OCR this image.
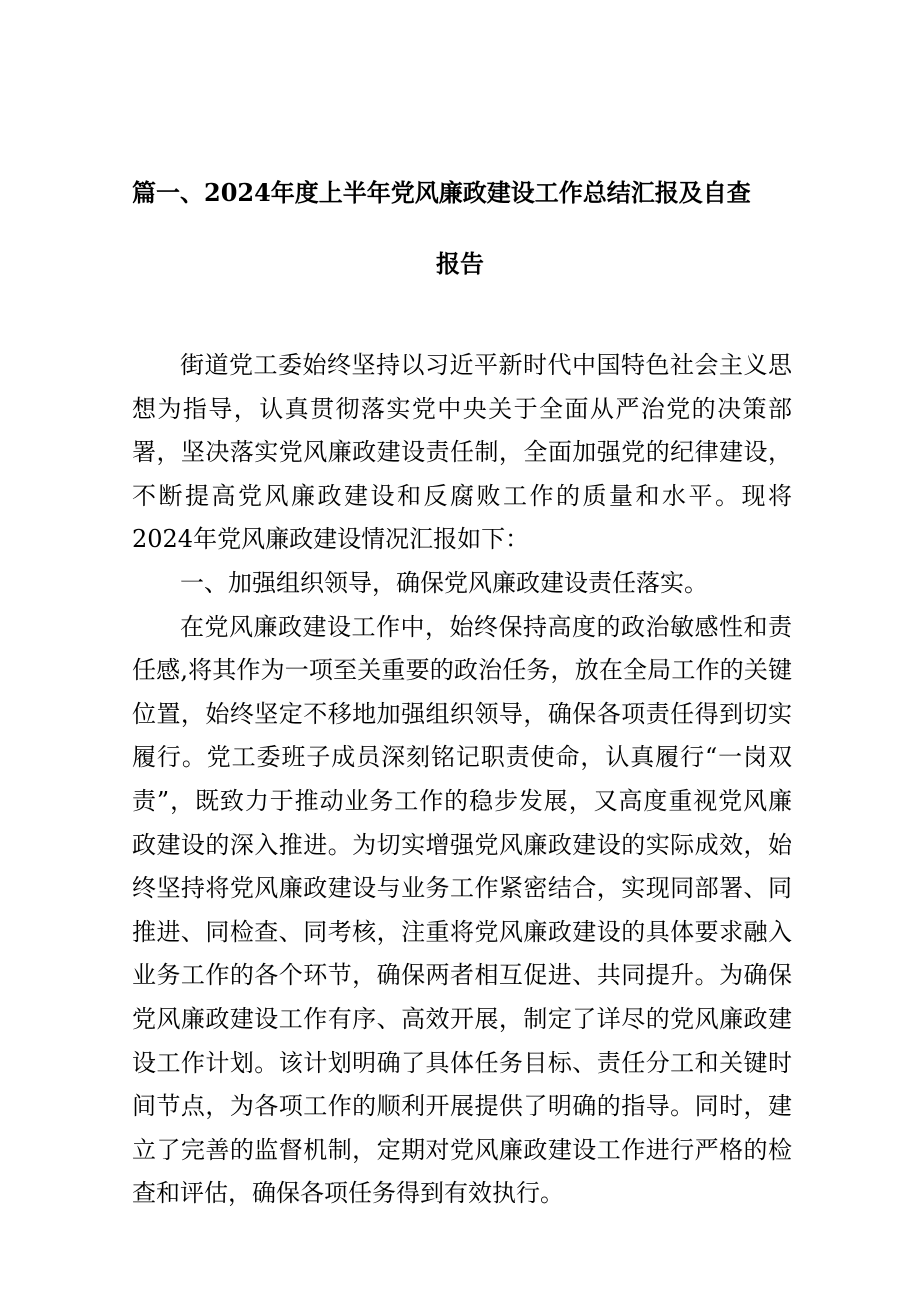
篇一、2024年度上半年党风廉政建设工作总结汇报及自查
报告

街道党工委始终坚持以习近平新时代中国特色社会主义思想为指导，认真贯彻落实党中央关于全面从严治党的决策部署，坚决落实党风廉政建设责任制，全面加强党的纪律建设，不断提高党风廉政建设和反腐败工作的质量和水平。现将2024年党风廉政建设情况汇报如下：

一、加强组织领导，确保党风廉政建设责任落实。

在党风廉政建设工作中，始终保持高度的政治敏感性和责任感,将其作为一项至关重要的政治任务，放在全局工作的关键位置，始终坚定不移地加强组织领导，确保各项责任得到切实履行。党工委班子成员深刻铭记职责使命，认真履行“一岗双责”，既致力于推动业务工作的稳步发展，又高度重视党风廉政建设的深入推进。为切实增强党风廉政建设的实际成效，始终坚持将党风廉政建设与业务工作紧密结合，实现同部署、同推进、同检查、同考核，注重将党风廉政建设的具体要求融入业务工作的各个环节，确保两者相互促进、共同提升。为确保党风廉政建设工作有序、高效开展，制定了详尽的党风廉政建设工作计划。该计划明确了具体任务目标、责任分工和关键时间节点，为各项工作的顺利开展提供了明确的指导。同时，建立了完善的监督机制，定期对党风廉政建设工作进行严格的检查和评估，确保各项任务得到有效执行。
